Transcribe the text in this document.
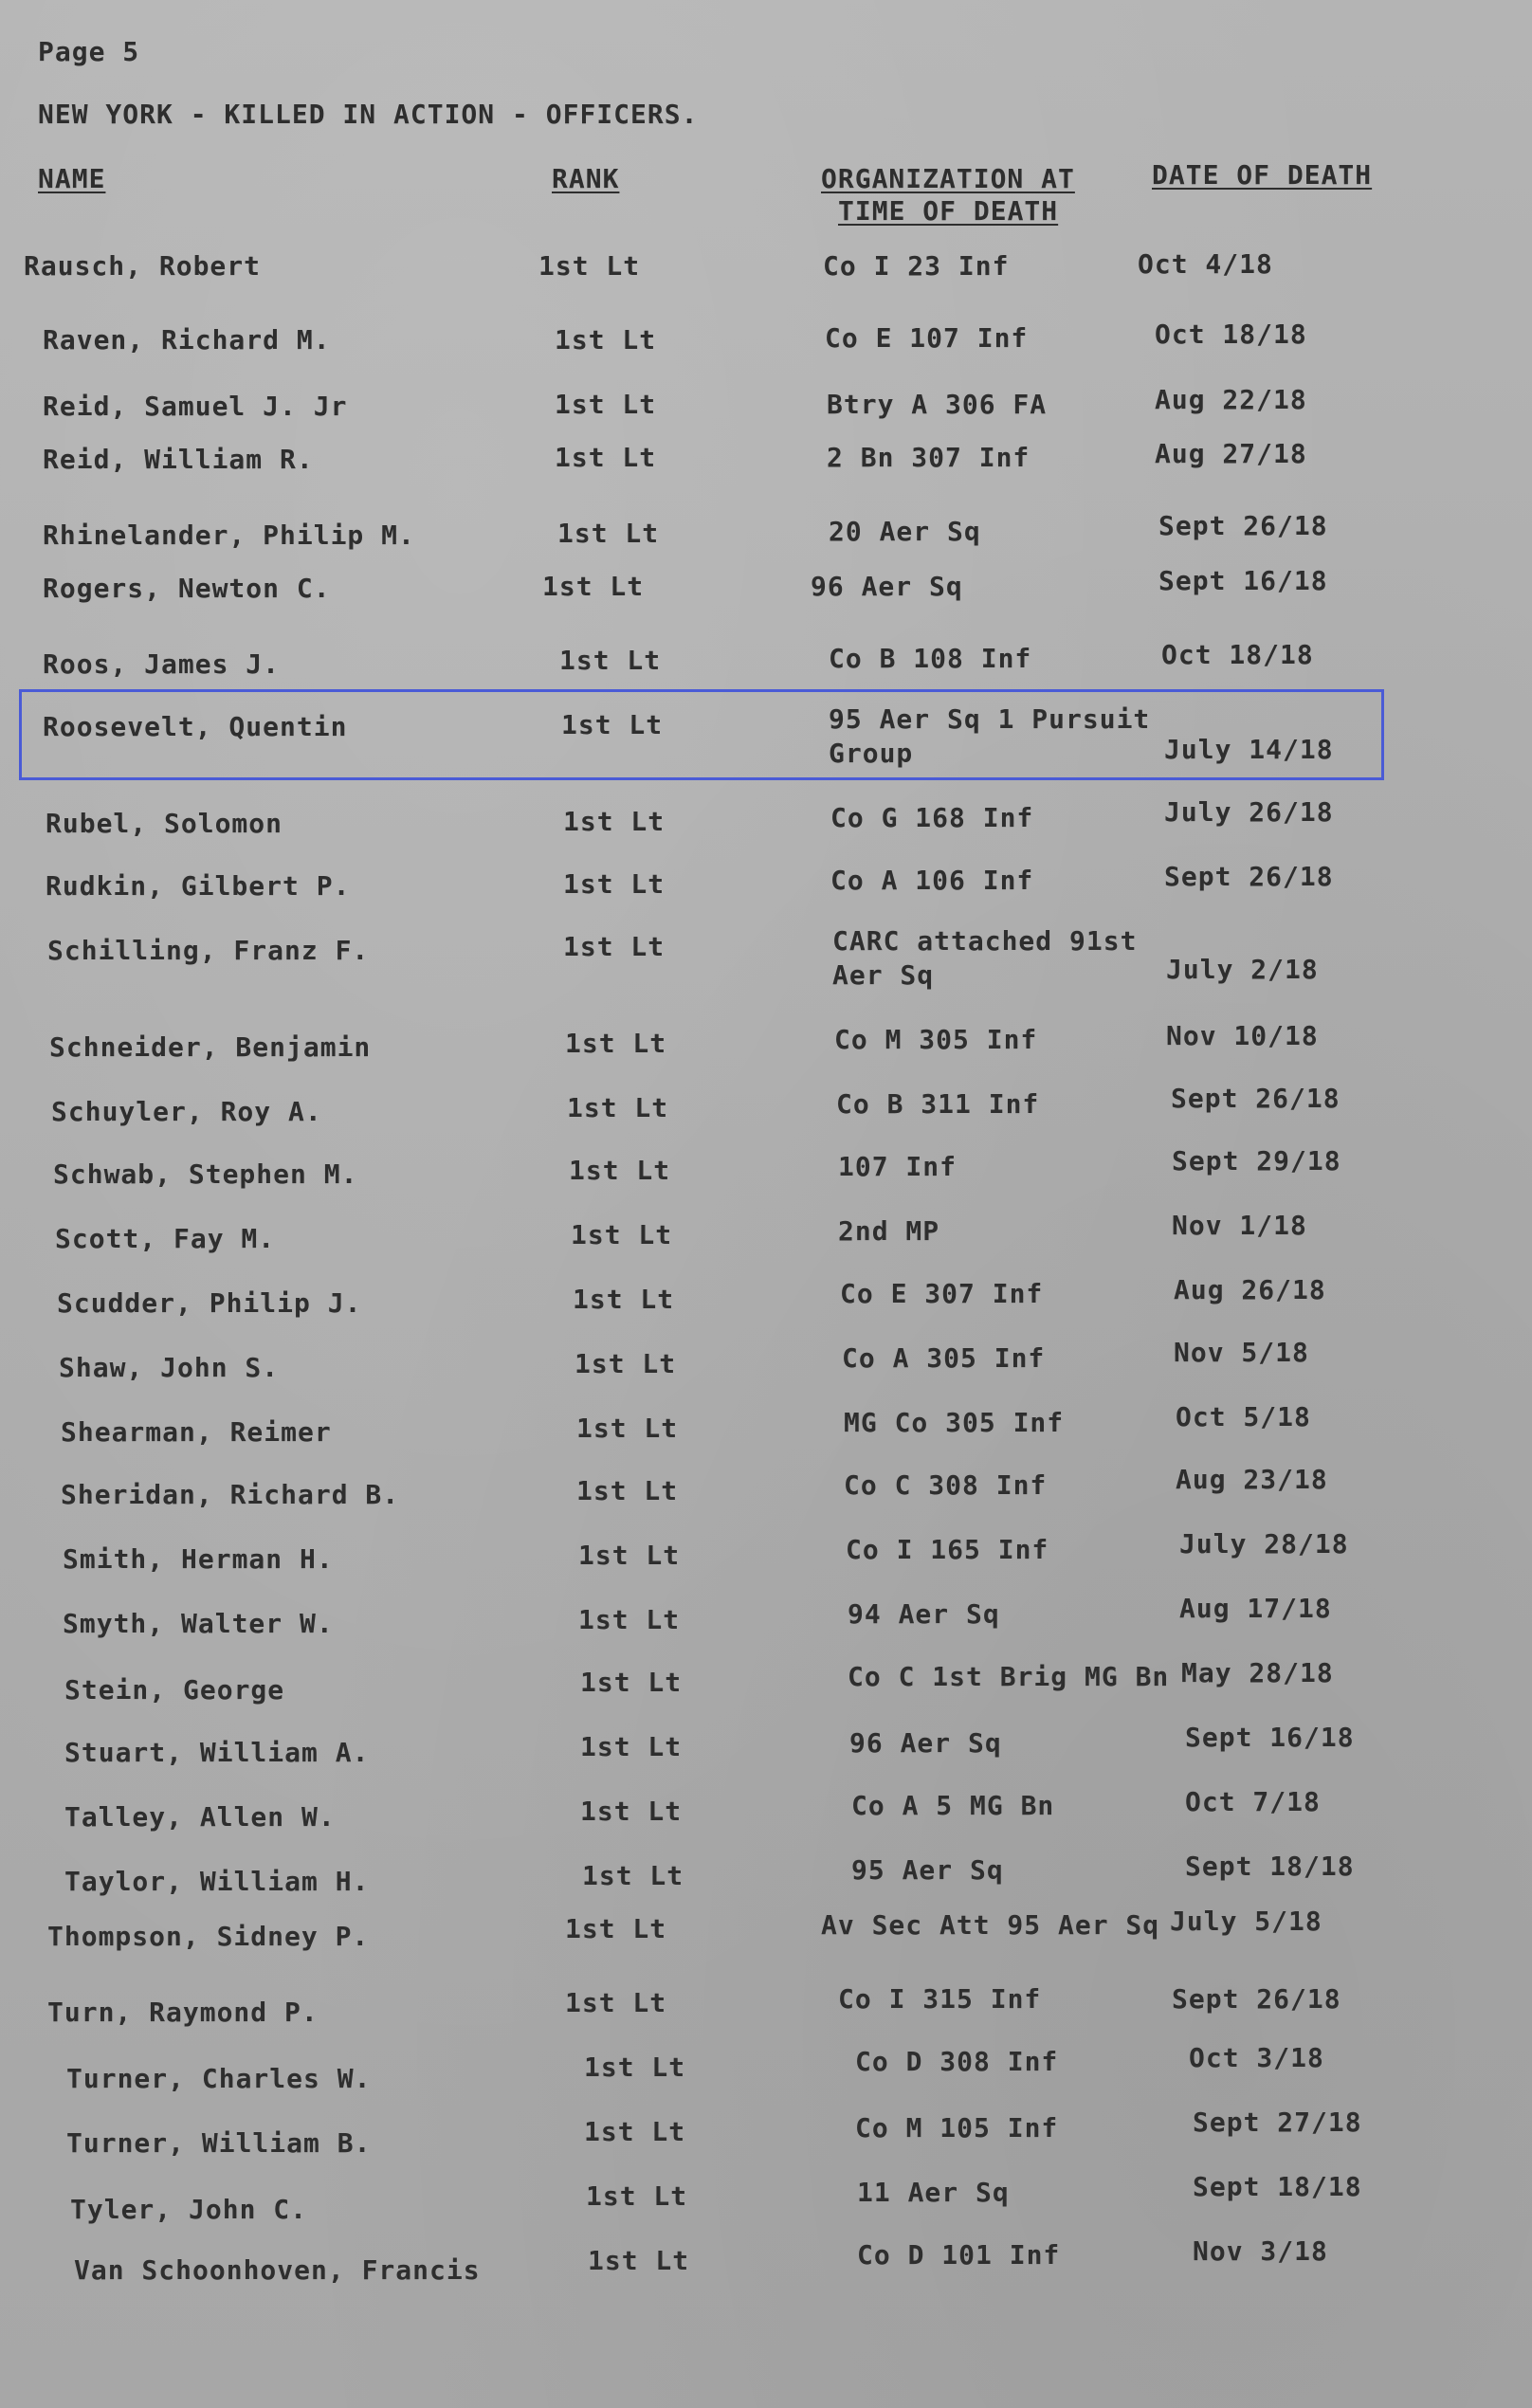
Page 5
NEW YORK - KILLED IN ACTION - OFFICERS.
NAME	RANK	ORGANIZATION AT
TIME OF DEATH
DATE OF DEATH
Rausch, Robert	1st Lt	Co I 23 Inf	Oct 4/18
Raven, Richard M.	1st Lt	Co E 107 Inf	Oct 18/18
Reid, Samuel J. Jr	1st Lt	Btry A 306 FA	Aug 22/18
Reid, William R.	1st Lt	2 Bn 307 Inf	Aug 27/18
Rhinelander, Philip M.	1st Lt	20 Aer Sq	Sept 26/18
Rogers, Newton C.	1st Lt	96 Aer Sq	Sept 16/18
Roos, James J.	1st Lt	Co B 108 Inf	Oct 18/18
Roosevelt, Quentin	1st Lt	95 Aer Sq 1 Pursuit
Group	July 14/18
Rubel, Solomon	1st Lt	Co G 168 Inf	July 26/18
Rudkin, Gilbert P.	1st Lt	Co A 106 Inf	Sept 26/18
Schilling, Franz F.	1st Lt	CARC attached 91st
Aer Sq	July 2/18
Schneider, Benjamin	1st Lt	Co M 305 Inf	Nov 10/18
Schuyler, Roy A.	1st Lt	Co B 311 Inf	Sept 26/18
Schwab, Stephen M.	1st Lt	107 Inf	Sept 29/18
Scott, Fay M.	1st Lt	2nd MP	Nov 1/18
Scudder, Philip J.	1st Lt	Co E 307 Inf	Aug 26/18
Shaw, John S.	1st Lt	Co A 305 Inf	Nov 5/18
Shearman, Reimer	1st Lt	MG Co 305 Inf	Oct 5/18
Sheridan, Richard B.	1st Lt	Co C 308 Inf	Aug 23/18
Smith, Herman H.	1st Lt	Co I 165 Inf	July 28/18
Smyth, Walter W.	1st Lt	94 Aer Sq	Aug 17/18
Stein, George	1st Lt	Co C 1st Brig MG Bn May 28/18
Stuart, William A.	1st Lt	96 Aer Sq	Sept 16/18
Talley, Allen W.	1st Lt	Co A 5 MG Bn	Oct 7/18
Taylor, William H.	1st Lt	95 Aer Sq	Sept 18/18
Thompson, Sidney P.	1st Lt	Av Sec Att 95 Aer Sq July 5/18
Turn, Raymond P.	1st Lt	Co I 315 Inf	Sept 26/18
Turner, Charles W.	1st Lt	Co D 308 Inf	Oct 3/18
Turner, William B.	1st Lt	Co M 105 Inf	Sept 27/18
Tyler, John C.	1st Lt	11 Aer Sq	Sept 18/18
Van Schoonhoven, Francis	1st Lt	Co D 101 Inf	Nov 3/18
